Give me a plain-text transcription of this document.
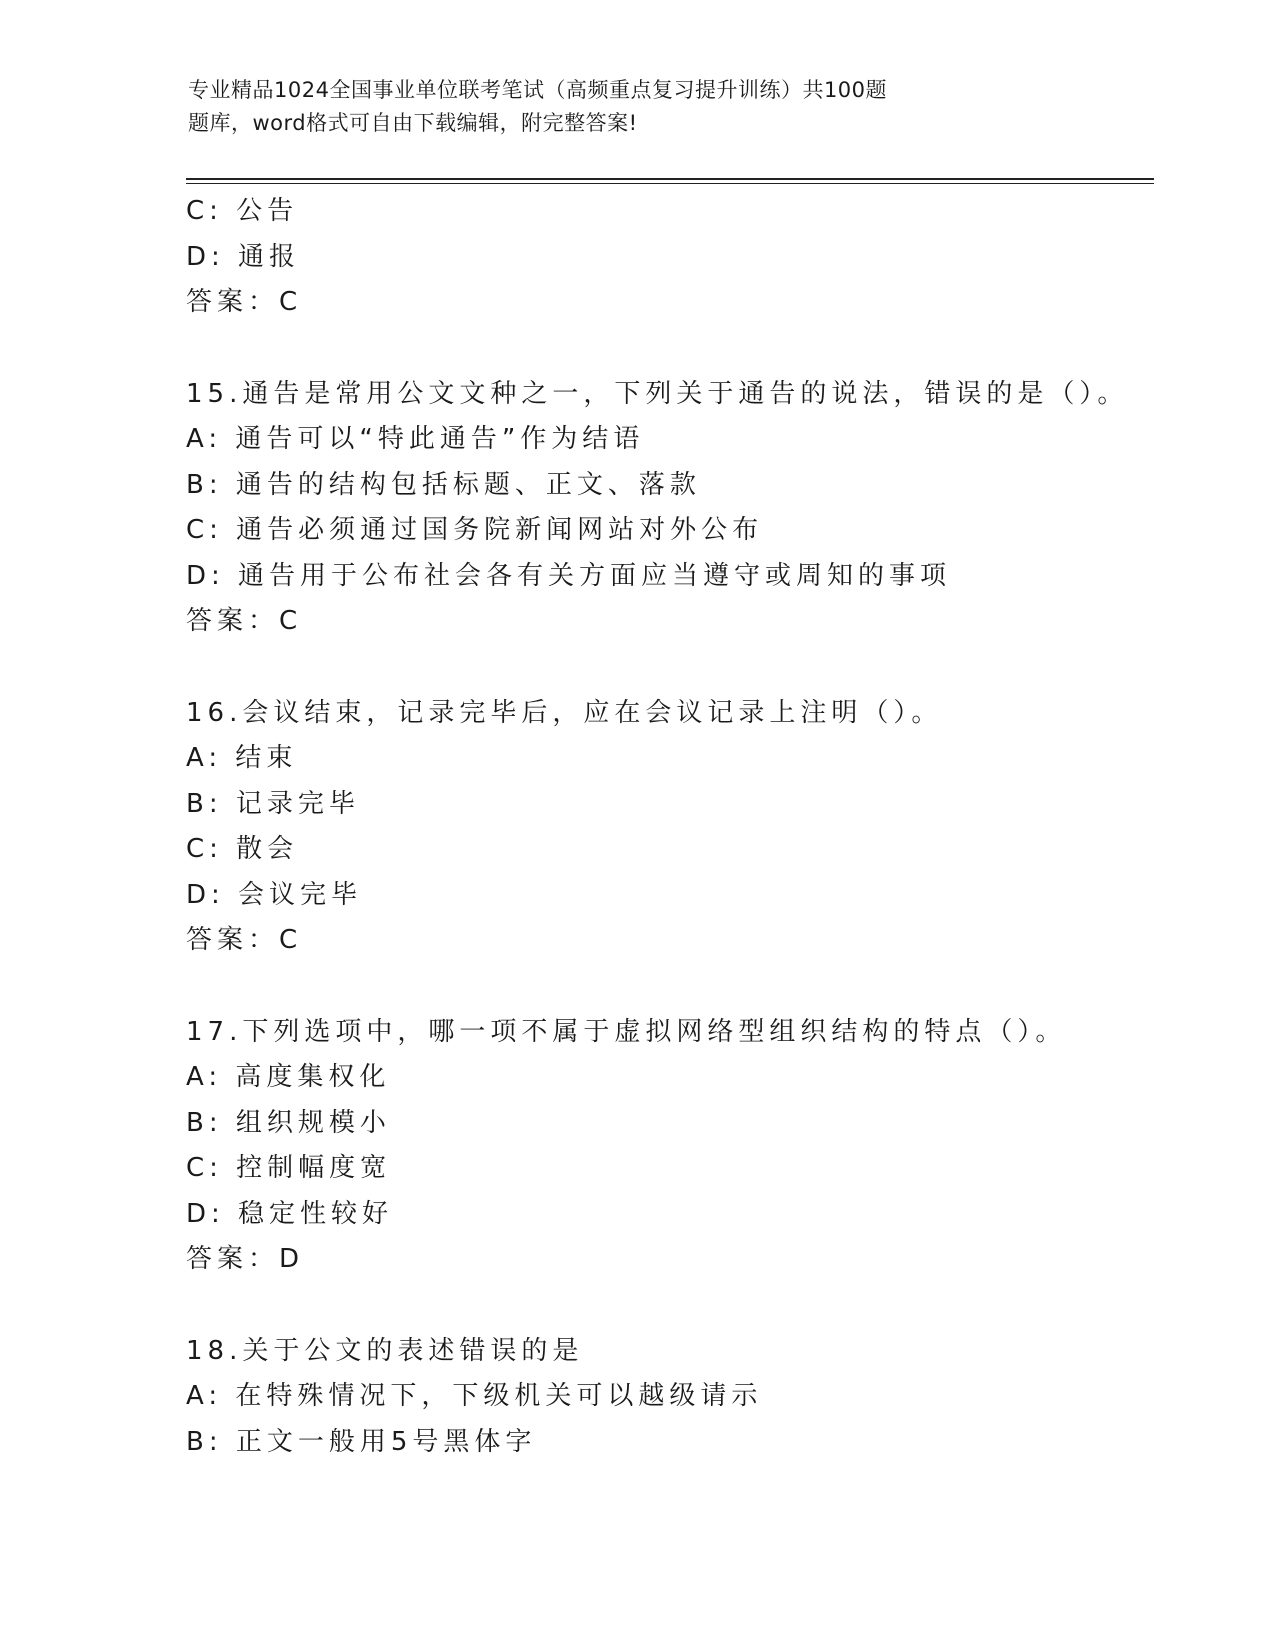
专业精品1024全国事业单位联考笔试（高频重点复习提升训练）共100题
题库，word格式可自由下载编辑，附完整答案!
C: 公告
D: 通报
答案：C
15.通告是常用公文文种之一，下列关于通告的说法，错误的是（）。
A: 通告可以“特此通告”作为结语
B: 通告的结构包括标题、正文、落款
C: 通告必须通过国务院新闻网站对外公布
D: 通告用于公布社会各有关方面应当遵守或周知的事项
答案：C
16.会议结束，记录完毕后，应在会议记录上注明（）。
A: 结束
B: 记录完毕
C: 散会
D: 会议完毕
答案：C
17.下列选项中，哪一项不属于虚拟网络型组织结构的特点（）。
A: 高度集权化
B: 组织规模小
C: 控制幅度宽
D: 稳定性较好
答案：D
18.关于公文的表述错误的是
A: 在特殊情况下，下级机关可以越级请示
B: 正文一般用5号黑体字
